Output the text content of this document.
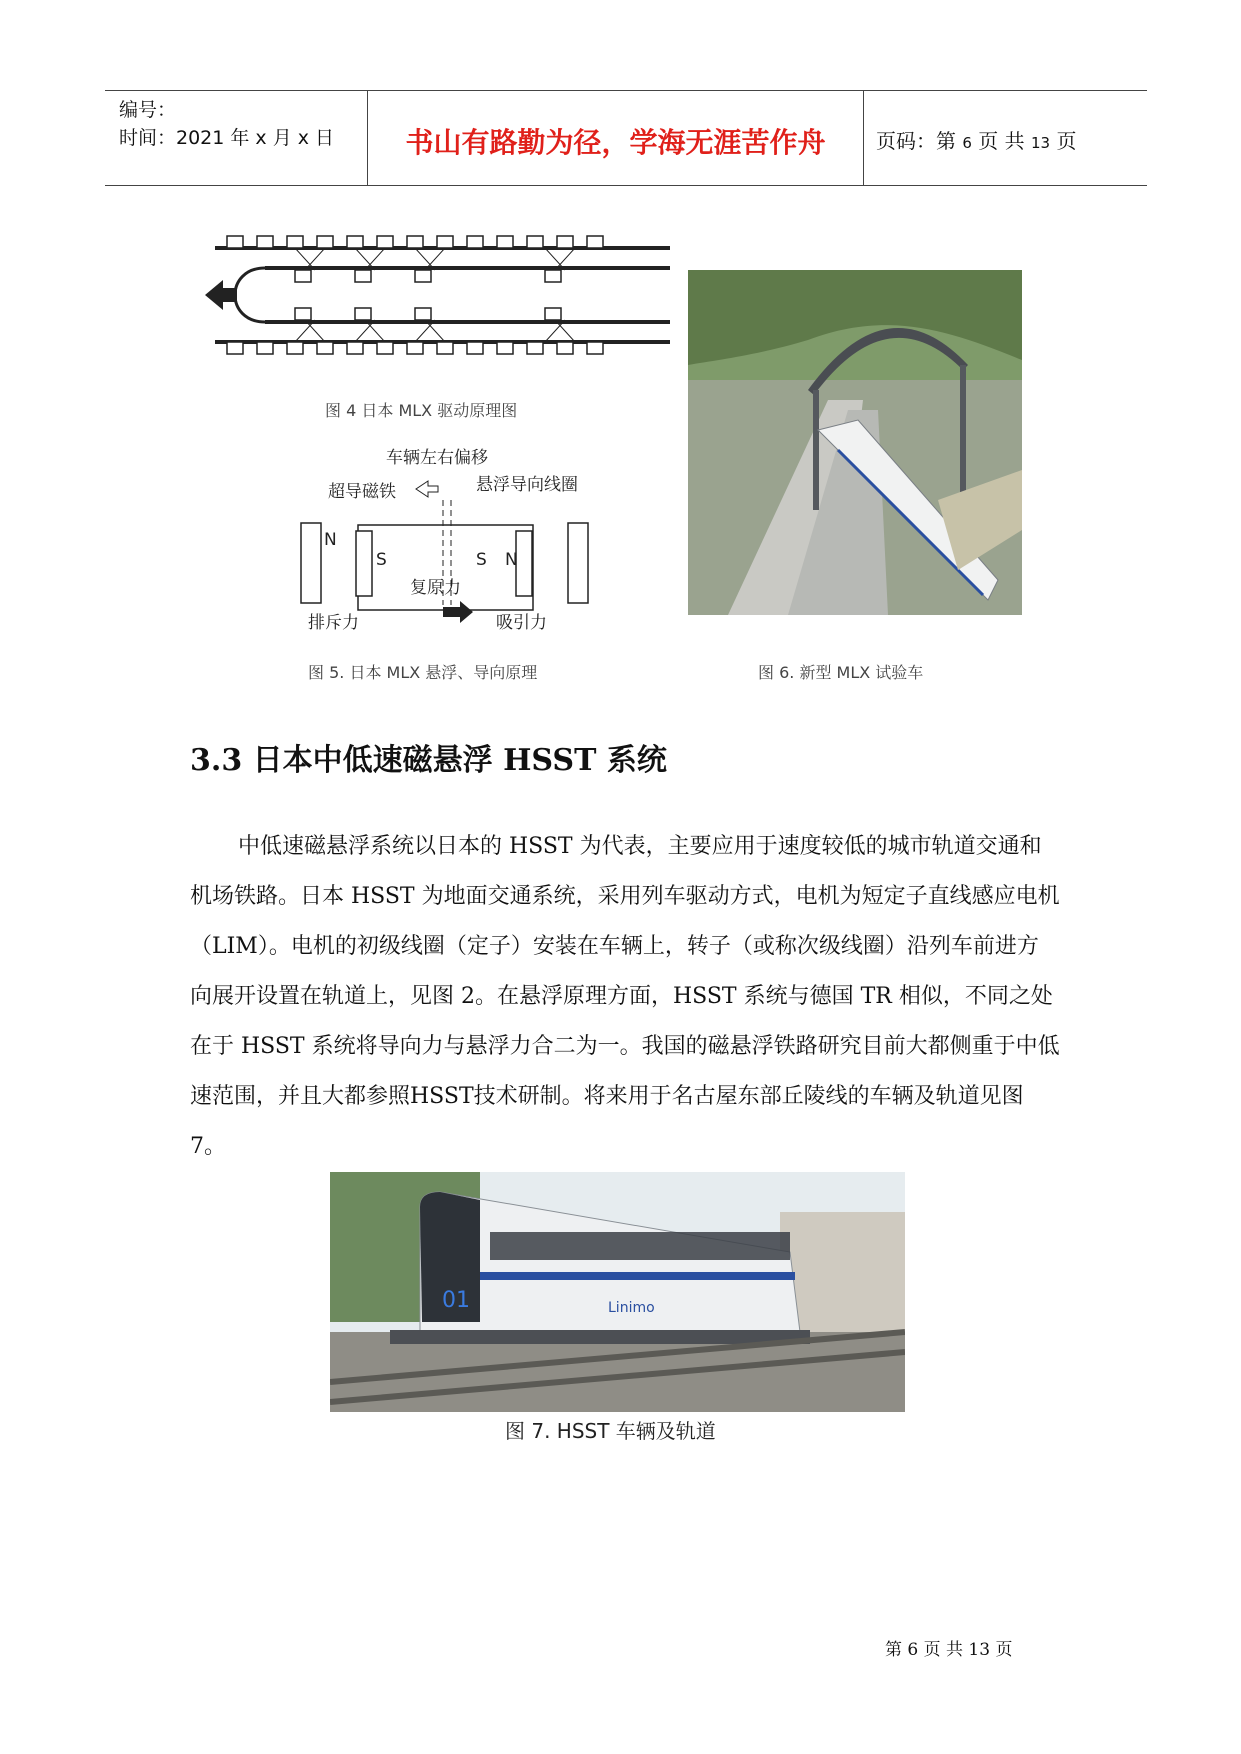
编号：
时间：2021 年 x 月 x 日	书山有路勤为径，学海无涯苦作舟	页码：第 6 页 共 13 页
图 4 日本 MLX 驱动原理图
车辆左右偏移
超导磁铁	悬浮导向线圈
S	S N
N
复原力
排斥力	吸引力
图 5. 日本 MLX 悬浮、导向原理	图 6. 新型 MLX 试验车
3.3 日本中低速磁悬浮 HSST 系统

中低速磁悬浮系统以日本的 HSST 为代表，主要应用于速度较低的城市轨道交通和机场铁路。日本 HSST 为地面交通系统，采用列车驱动方式，电机为短定子直线感应电机（LIM）。电机的初级线圈（定子）安装在车辆上，转子（或称次级线圈）沿列车前进方向展开设置在轨道上，见图 2。在悬浮原理方面，HSST 系统与德国 TR 相似，不同之处在于 HSST 系统将导向力与悬浮力合二为一。我国的磁悬浮铁路研究目前大都侧重于中低速范围，并且大都参照HSST技术研制。将来用于名古屋东部丘陵线的车辆及轨道见图 7。

Linimo
01
图 7. HSST 车辆及轨道
第 6 页 共 13 页
